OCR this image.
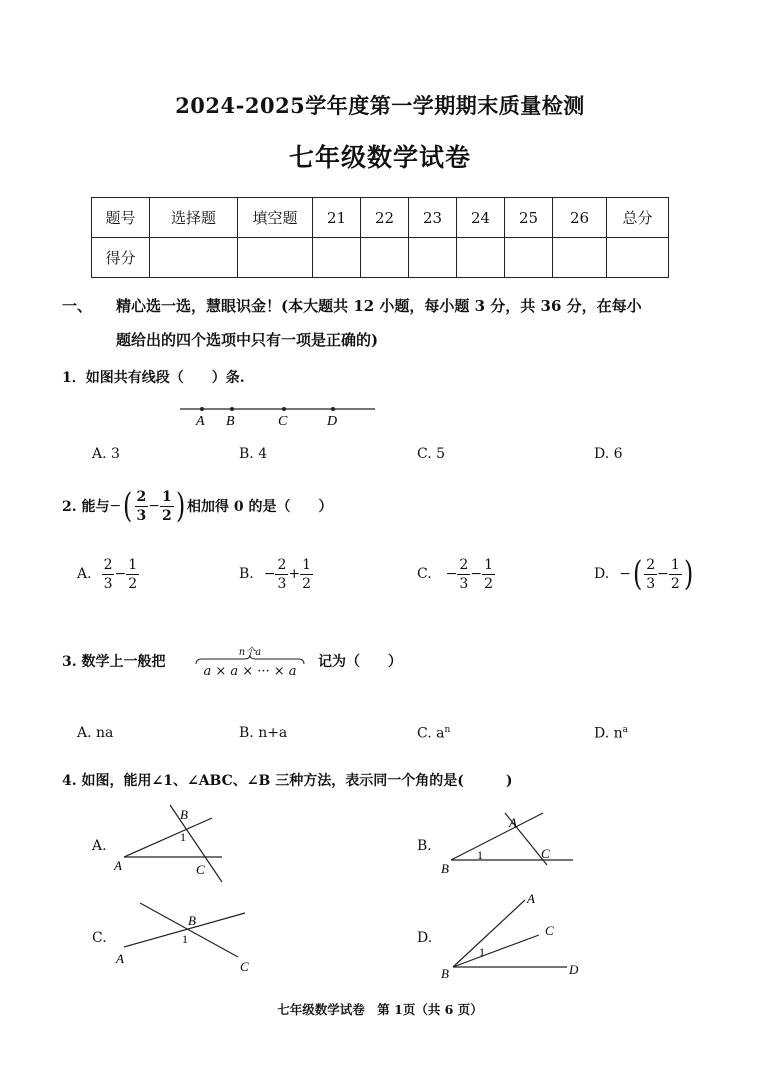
2024-2025学年度第一学期期末质量检测
七年级数学试卷
题号	选择题	填空题	21	22	23	24	25	26	总分
得分									
一、 精心选一选，慧眼识金！(本大题共 12 小题，每小题 3 分，共 36 分，在每小
题给出的四个选项中只有一项是正确的)
1．如图共有线段（　　）条.
A B	C	D
A. 3	B. 4	C. 5	D. 6
2. 能与 − ( $\frac{2}{3} - \frac{1}{2}$ ) 相加得 0 的是（　　）
A. $\frac{2}{3} - \frac{1}{2}$	B. − $\frac{2}{3} + \frac{1}{2}$	C. − $\frac{2}{3} - \frac{1}{2}$	D. − ( $\frac{2}{3} - \frac{1}{2}$ )
3. 数学上一般把
n个a
a × a × ··· × a
记为（　　）
A. na	B. n+a	C. $a^n$	D. $n^a$
4. 如图，能用∠1、∠ABC、∠B 三种方法，表示同一个角的是(　　　)
A.
B
1
A	C
B.
A
1
B
C
C.
B
1
A
C
D.
A
C
1
B	D
七年级数学试卷　第 1页（共 6 页）
